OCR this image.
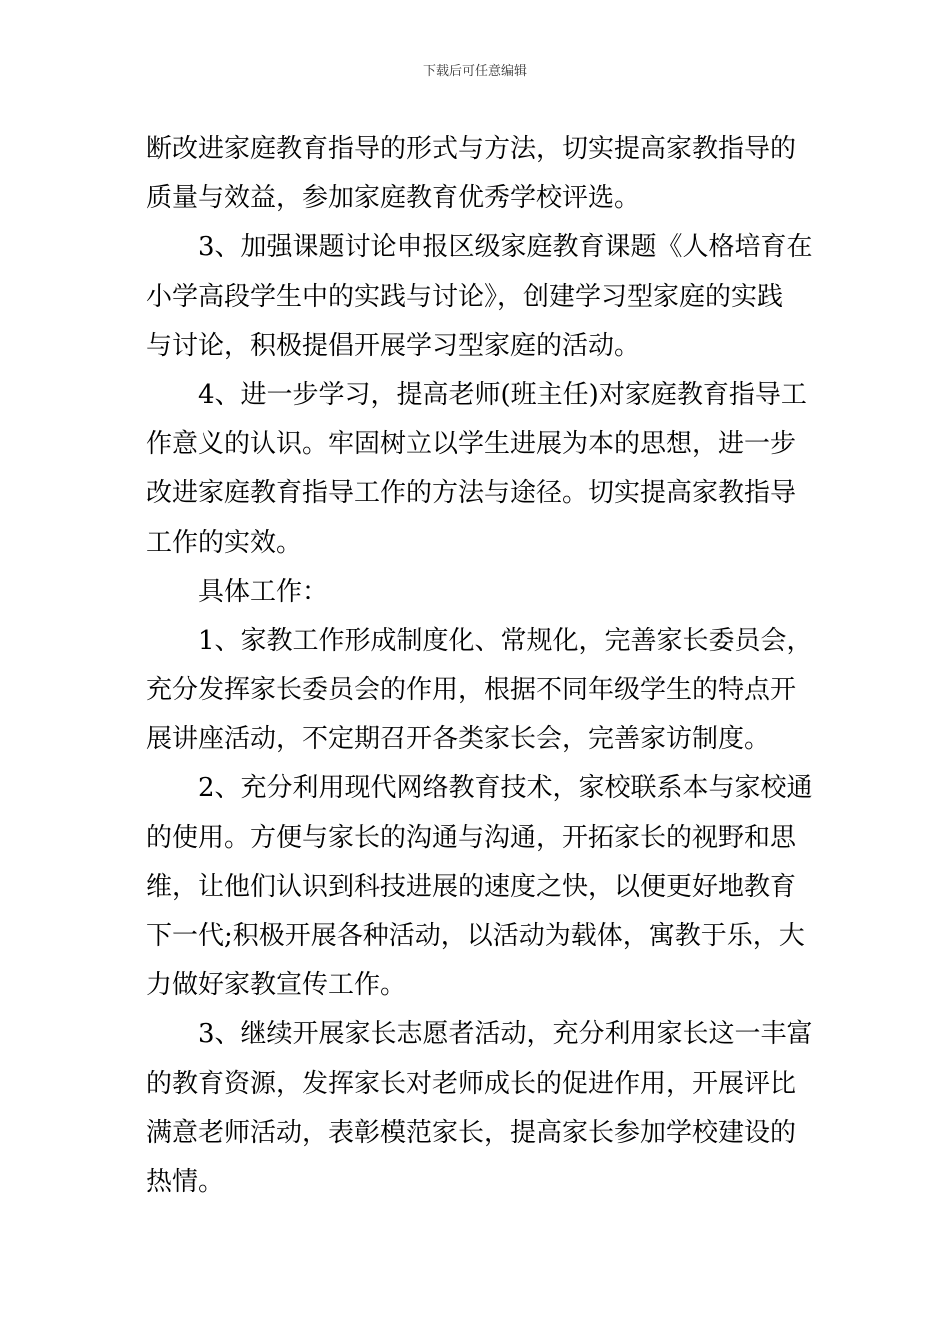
下载后可任意编辑
断改进家庭教育指导的形式与方法，切实提高家教指导的
质量与效益，参加家庭教育优秀学校评选。
3、加强课题讨论申报区级家庭教育课题《人格培育在
小学高段学生中的实践与讨论》，创建学习型家庭的实践
与讨论，积极提倡开展学习型家庭的活动。
4、进一步学习，提高老师(班主任)对家庭教育指导工
作意义的认识。牢固树立以学生进展为本的思想，进一步
改进家庭教育指导工作的方法与途径。切实提高家教指导
工作的实效。
具体工作：
1、家教工作形成制度化、常规化，完善家长委员会，
充分发挥家长委员会的作用，根据不同年级学生的特点开
展讲座活动，不定期召开各类家长会，完善家访制度。
2、充分利用现代网络教育技术，家校联系本与家校通
的使用。方便与家长的沟通与沟通，开拓家长的视野和思
维，让他们认识到科技进展的速度之快，以便更好地教育
下一代;积极开展各种活动，以活动为载体，寓教于乐，大
力做好家教宣传工作。
3、继续开展家长志愿者活动，充分利用家长这一丰富
的教育资源，发挥家长对老师成长的促进作用，开展评比
满意老师活动，表彰模范家长，提高家长参加学校建设的
热情。
